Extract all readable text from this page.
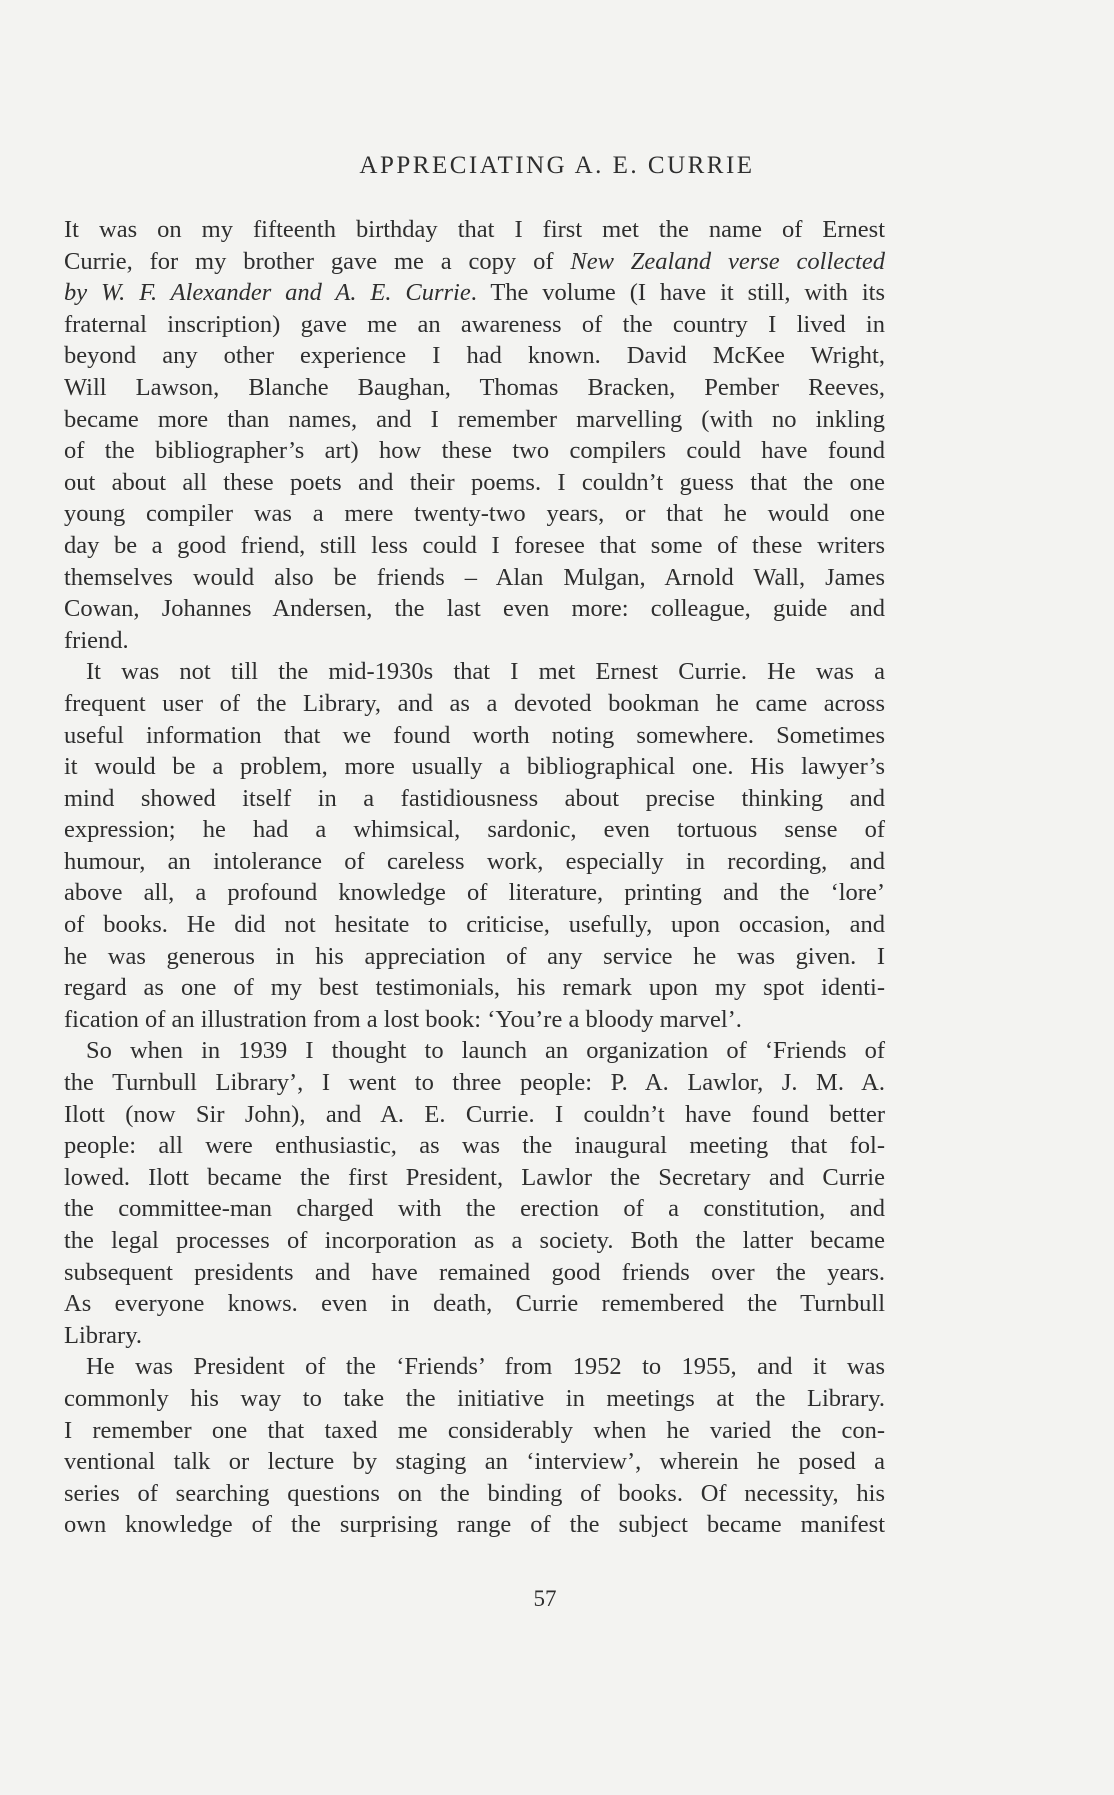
APPRECIATING A. E. CURRIE
It was on my fifteenth birthday that I first met the name of Ernest
Currie, for my brother gave me a copy of New Zealand verse collected
by W. F. Alexander and A. E. Currie. The volume (I have it still, with its
fraternal inscription) gave me an awareness of the country I lived in
beyond any other experience I had known. David McKee Wright,
Will Lawson, Blanche Baughan, Thomas Bracken, Pember Reeves,
became more than names, and I remember marvelling (with no inkling
of the bibliographer’s art) how these two compilers could have found
out about all these poets and their poems. I couldn’t guess that the one
young compiler was a mere twenty-two years, or that he would one
day be a good friend, still less could I foresee that some of these writers
themselves would also be friends – Alan Mulgan, Arnold Wall, James
Cowan, Johannes Andersen, the last even more: colleague, guide and
friend.
It was not till the mid-1930s that I met Ernest Currie. He was a
frequent user of the Library, and as a devoted bookman he came across
useful information that we found worth noting somewhere. Sometimes
it would be a problem, more usually a bibliographical one. His lawyer’s
mind showed itself in a fastidiousness about precise thinking and
expression; he had a whimsical, sardonic, even tortuous sense of
humour, an intolerance of careless work, especially in recording, and
above all, a profound knowledge of literature, printing and the ‘lore’
of books. He did not hesitate to criticise, usefully, upon occasion, and
he was generous in his appreciation of any service he was given. I
regard as one of my best testimonials, his remark upon my spot identi-
fication of an illustration from a lost book: ‘You’re a bloody marvel’.
So when in 1939 I thought to launch an organization of ‘Friends of
the Turnbull Library’, I went to three people: P. A. Lawlor, J. M. A.
Ilott (now Sir John), and A. E. Currie. I couldn’t have found better
people: all were enthusiastic, as was the inaugural meeting that fol-
lowed. Ilott became the first President, Lawlor the Secretary and Currie
the committee-man charged with the erection of a constitution, and
the legal processes of incorporation as a society. Both the latter became
subsequent presidents and have remained good friends over the years.
As everyone knows. even in death, Currie remembered the Turnbull
Library.
He was President of the ‘Friends’ from 1952 to 1955, and it was
commonly his way to take the initiative in meetings at the Library.
I remember one that taxed me considerably when he varied the con-
ventional talk or lecture by staging an ‘interview’, wherein he posed a
series of searching questions on the binding of books. Of necessity, his
own knowledge of the surprising range of the subject became manifest
57
